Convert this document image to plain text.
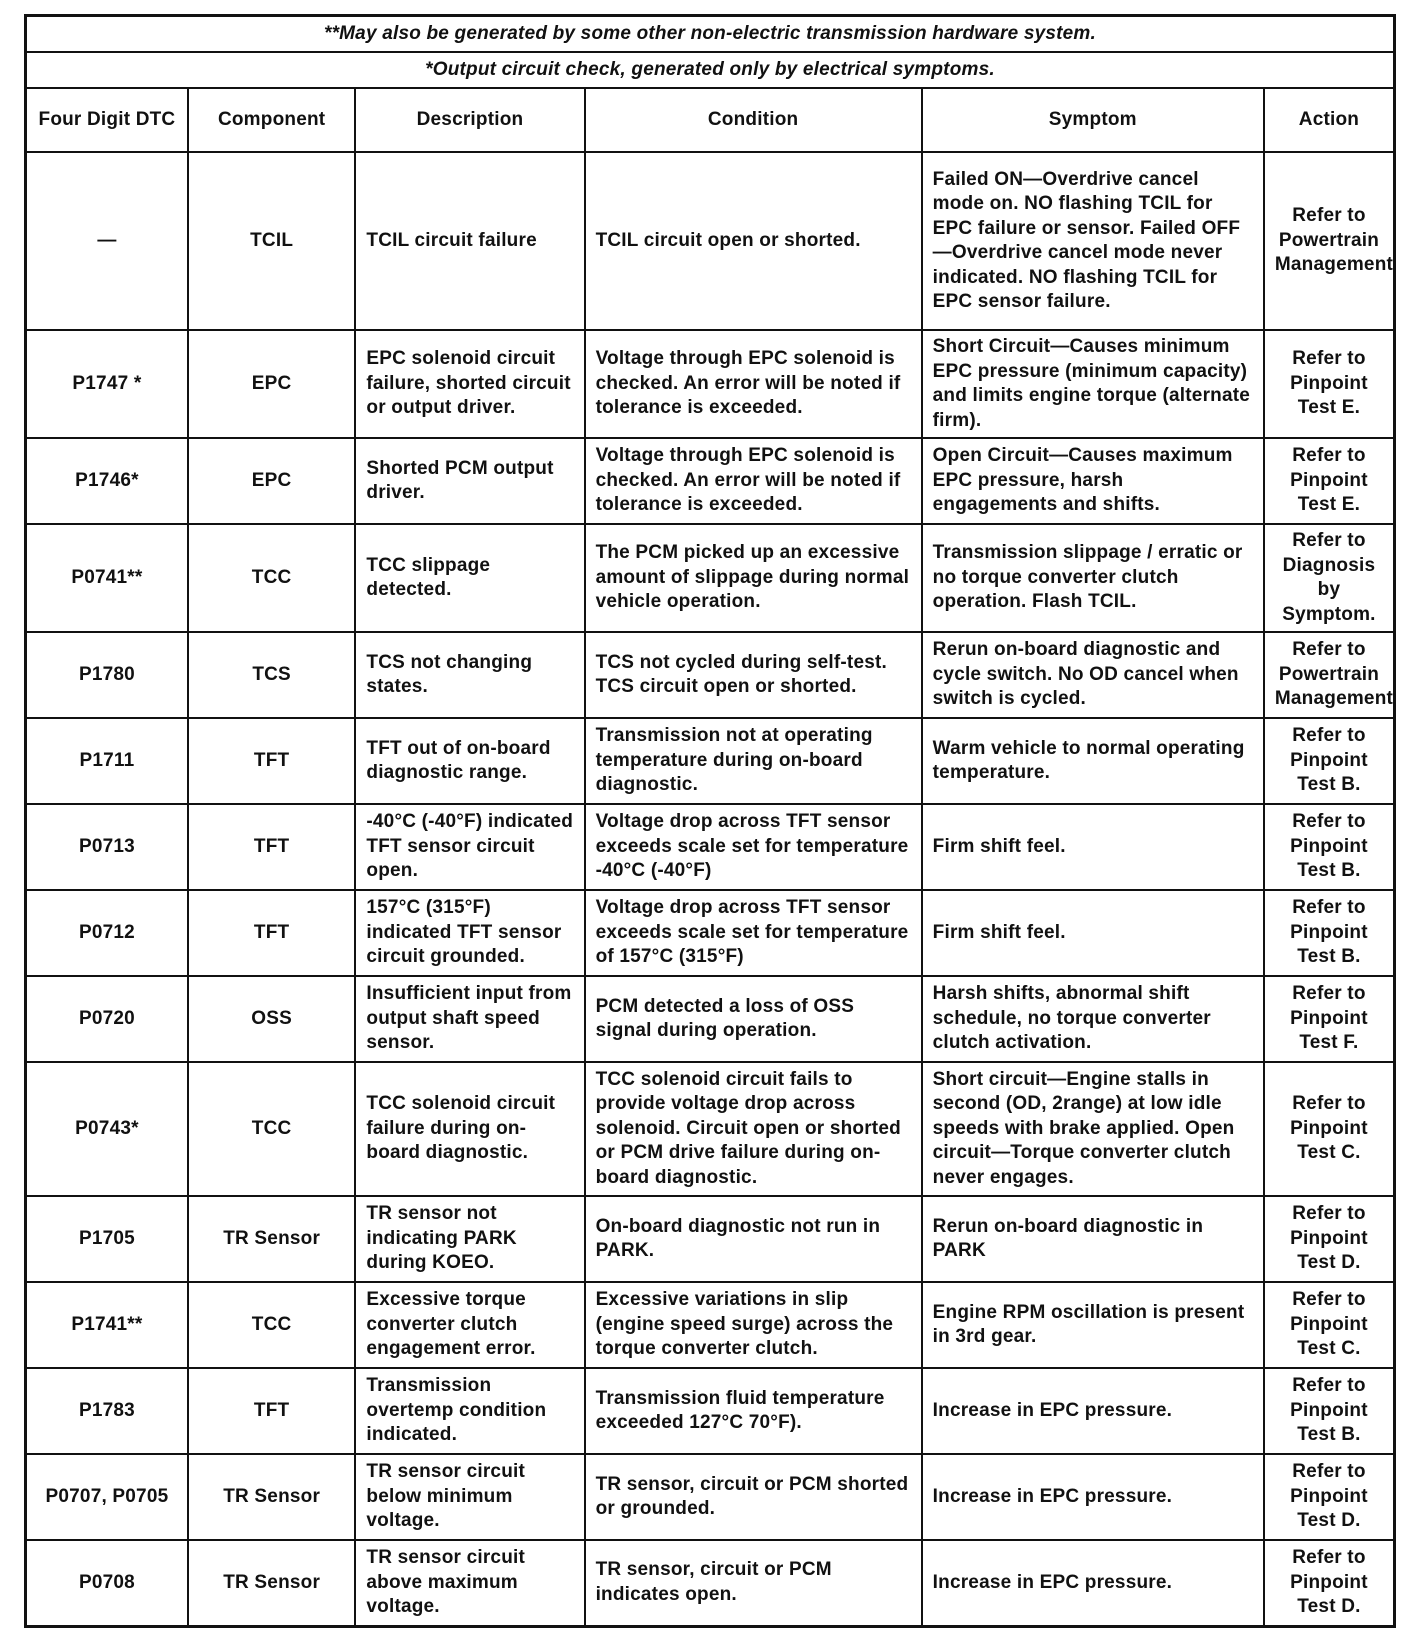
**May also be generated by some other non-electric transmission hardware system.					
*Output circuit check, generated only by electrical symptoms.					
Four Digit DTC	Component	Description	Condition	Symptom	Action
—	TCIL	TCIL circuit failure	TCIL circuit open or shorted.	Failed ON—Overdrive cancel mode on. NO flashing TCIL for EPC failure or sensor. Failed OFF—Overdrive cancel mode never indicated. NO flashing TCIL for EPC sensor failure.	Refer to Powertrain Management
P1747 *	EPC	EPC solenoid circuit failure, shorted circuit or output driver.	Voltage through EPC solenoid is checked. An error will be noted if tolerance is exceeded.	Short Circuit—Causes minimum EPC pressure (minimum capacity) and limits engine torque (alternate firm).	Refer to Pinpoint Test E.
P1746*	EPC	Shorted PCM output driver.	Voltage through EPC solenoid is checked. An error will be noted if tolerance is exceeded.	Open Circuit—Causes maximum EPC pressure, harsh engagements and shifts.	Refer to Pinpoint Test E.
P0741**	TCC	TCC slippage detected.	The PCM picked up an excessive amount of slippage during normal vehicle operation.	Transmission slippage / erratic or no torque converter clutch operation. Flash TCIL.	Refer to Diagnosis by Symptom.
P1780	TCS	TCS not changing states.	TCS not cycled during self-test. TCS circuit open or shorted.	Rerun on-board diagnostic and cycle switch. No OD cancel when switch is cycled.	Refer to Powertrain Management
P1711	TFT	TFT out of on-board diagnostic range.	Transmission not at operating temperature during on-board diagnostic.	Warm vehicle to normal operating temperature.	Refer to Pinpoint Test B.
P0713	TFT	-40°C (-40°F) indicated TFT sensor circuit open.	Voltage drop across TFT sensor exceeds scale set for temperature -40°C (-40°F)	Firm shift feel.	Refer to Pinpoint Test B.
P0712	TFT	157°C (315°F) indicated TFT sensor circuit grounded.	Voltage drop across TFT sensor exceeds scale set for temperature of 157°C (315°F)	Firm shift feel.	Refer to Pinpoint Test B.
P0720	OSS	Insufficient input from output shaft speed sensor.	PCM detected a loss of OSS signal during operation.	Harsh shifts, abnormal shift schedule, no torque converter clutch activation.	Refer to Pinpoint Test F.
P0743*	TCC	TCC solenoid circuit failure during on-board diagnostic.	TCC solenoid circuit fails to provide voltage drop across solenoid. Circuit open or shorted or PCM drive failure during on-board diagnostic.	Short circuit—Engine stalls in second (OD, 2range) at low idle speeds with brake applied. Open circuit—Torque converter clutch never engages.	Refer to Pinpoint Test C.
P1705	TR Sensor	TR sensor not indicating PARK during KOEO.	On-board diagnostic not run in PARK.	Rerun on-board diagnostic in PARK	Refer to Pinpoint Test D.
P1741**	TCC	Excessive torque converter clutch engagement error.	Excessive variations in slip (engine speed surge) across the torque converter clutch.	Engine RPM oscillation is present in 3rd gear.	Refer to Pinpoint Test C.
P1783	TFT	Transmission overtemp condition indicated.	Transmission fluid temperature exceeded 127°C 70°F).	Increase in EPC pressure.	Refer to Pinpoint Test B.
P0707, P0705	TR Sensor	TR sensor circuit below minimum voltage.	TR sensor, circuit or PCM shorted or grounded.	Increase in EPC pressure.	Refer to Pinpoint Test D.
P0708	TR Sensor	TR sensor circuit above maximum voltage.	TR sensor, circuit or PCM indicates open.	Increase in EPC pressure.	Refer to Pinpoint Test D.
